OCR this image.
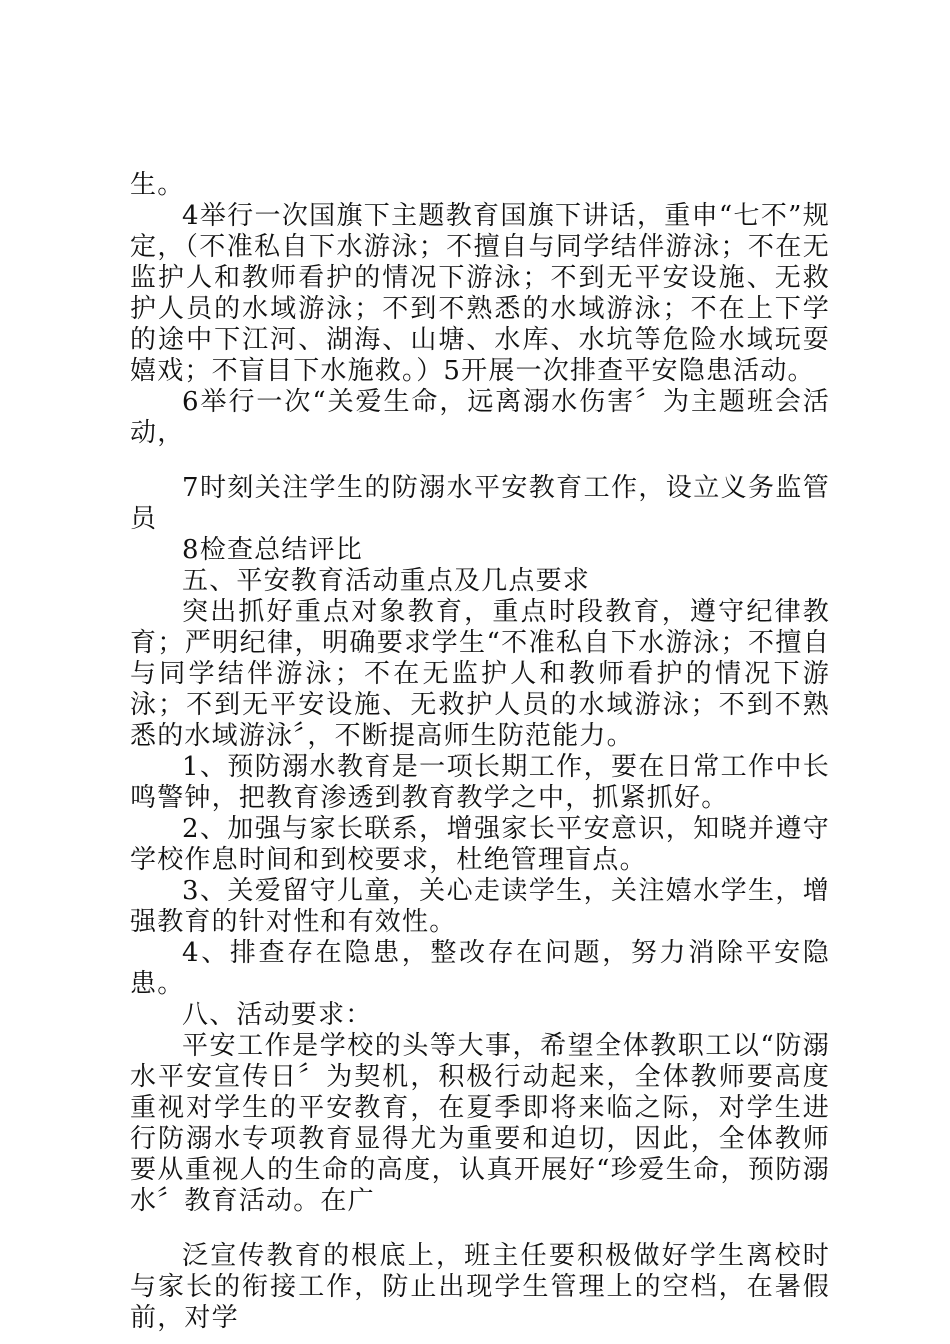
生。

4举行一次国旗下主题教育国旗下讲话，重申“七不”规定，（不准私自下水游泳；不擅自与同学结伴游泳；不在无监护人和教师看护的情况下游泳；不到无平安设施、无救护人员的水域游泳；不到不熟悉的水域游泳；不在上下学的途中下江河、湖海、山塘、水库、水坑等危险水域玩耍嬉戏；不盲目下水施救。）5开展一次排查平安隐患活动。

6举行一次“关爱生命，远离溺水伤害〞为主题班会活动，

7时刻关注学生的防溺水平安教育工作，设立义务监管员

8检查总结评比

五、平安教育活动重点及几点要求

突出抓好重点对象教育，重点时段教育，遵守纪律教育；严明纪律，明确要求学生“不准私自下水游泳；不擅自与同学结伴游泳；不在无监护人和教师看护的情况下游泳；不到无平安设施、无救护人员的水域游泳；不到不熟悉的水域游泳〞，不断提高师生防范能力。

1、预防溺水教育是一项长期工作，要在日常工作中长鸣警钟，把教育渗透到教育教学之中，抓紧抓好。

2、加强与家长联系，增强家长平安意识，知晓并遵守学校作息时间和到校要求，杜绝管理盲点。

3、关爱留守儿童，关心走读学生，关注嬉水学生，增强教育的针对性和有效性。

4、排查存在隐患，整改存在问题，努力消除平安隐患。

八、活动要求：

平安工作是学校的头等大事，希望全体教职工以“防溺水平安宣传日〞为契机，积极行动起来，全体教师要高度重视对学生的平安教育，在夏季即将来临之际，对学生进行防溺水专项教育显得尤为重要和迫切，因此，全体教师要从重视人的生命的高度，认真开展好“珍爱生命，预防溺水〞教育活动。在广

泛宣传教育的根底上，班主任要积极做好学生离校时与家长的衔接工作，防止出现学生管理上的空档，在暑假前，对学
